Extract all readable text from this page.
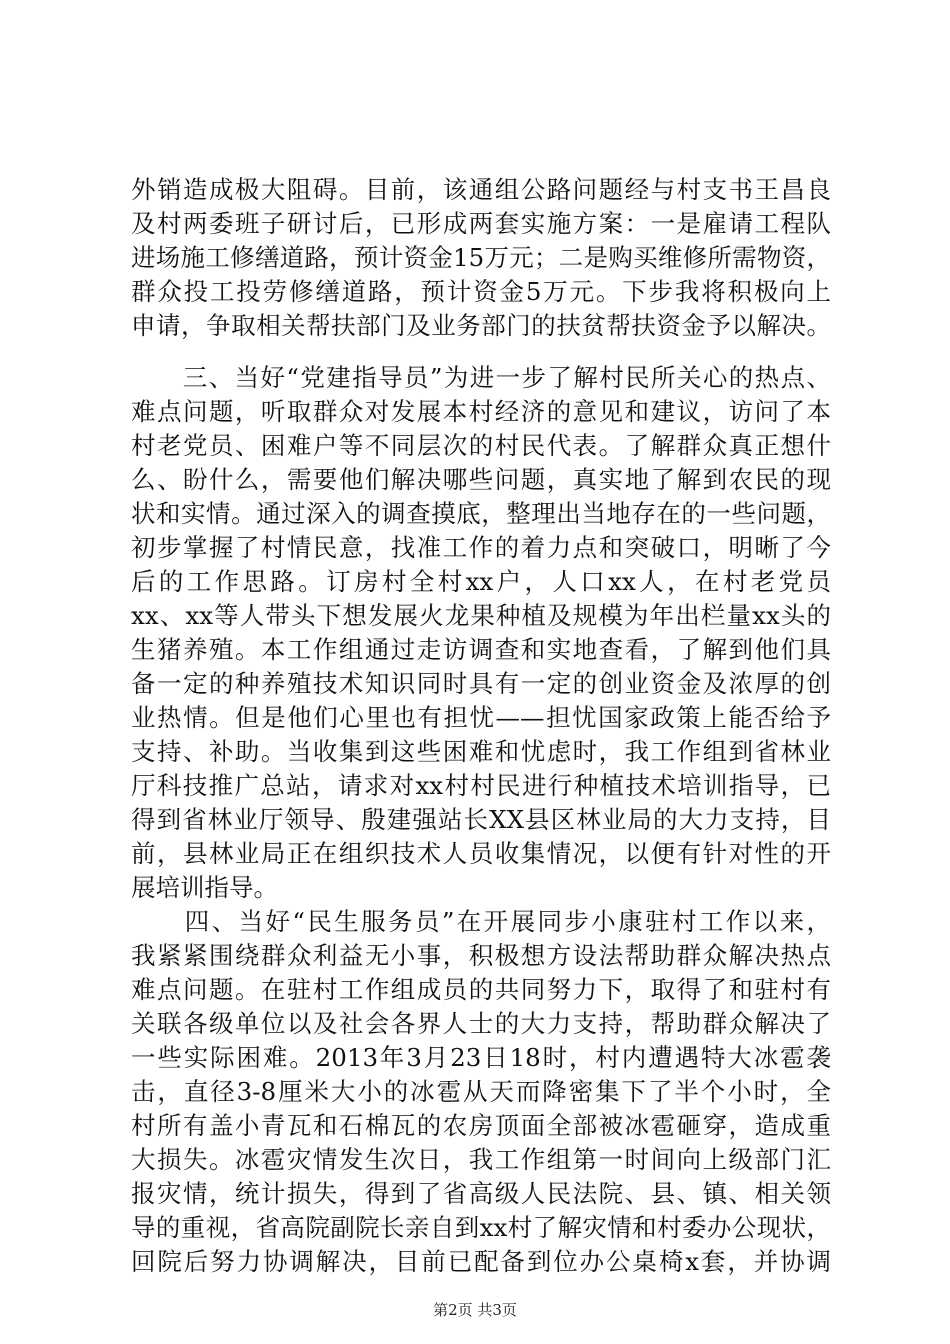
外销造成极大阻碍。目前，该通组公路问题经与村支书王昌良
及村两委班子研讨后，已形成两套实施方案：一是雇请工程队
进场施工修缮道路，预计资金15万元；二是购买维修所需物资，
群众投工投劳修缮道路，预计资金5万元。下步我将积极向上
申请，争取相关帮扶部门及业务部门的扶贫帮扶资金予以解决。
　　三、当好“党建指导员”为进一步了解村民所关心的热点、
难点问题，听取群众对发展本村经济的意见和建议，访问了本
村老党员、困难户等不同层次的村民代表。了解群众真正想什
么、盼什么，需要他们解决哪些问题，真实地了解到农民的现
状和实情。通过深入的调查摸底，整理出当地存在的一些问题，
初步掌握了村情民意，找准工作的着力点和突破口，明晰了今
后的工作思路。订房村全村xx户，人口xx人，在村老党员
xx、xx等人带头下想发展火龙果种植及规模为年出栏量xx头的
生猪养殖。本工作组通过走访调查和实地查看，了解到他们具
备一定的种养殖技术知识同时具有一定的创业资金及浓厚的创
业热情。但是他们心里也有担忧——担忧国家政策上能否给予
支持、补助。当收集到这些困难和忧虑时，我工作组到省林业
厅科技推广总站，请求对xx村村民进行种植技术培训指导，已
得到省林业厅领导、殷建强站长XX县区林业局的大力支持，目
前，县林业局正在组织技术人员收集情况，以便有针对性的开
展培训指导。
　　四、当好“民生服务员”在开展同步小康驻村工作以来，
我紧紧围绕群众利益无小事，积极想方设法帮助群众解决热点
难点问题。在驻村工作组成员的共同努力下，取得了和驻村有
关联各级单位以及社会各界人士的大力支持，帮助群众解决了
一些实际困难。2013年3月23日18时，村内遭遇特大冰雹袭
击，直径3-8厘米大小的冰雹从天而降密集下了半个小时，全
村所有盖小青瓦和石棉瓦的农房顶面全部被冰雹砸穿，造成重
大损失。冰雹灾情发生次日，我工作组第一时间向上级部门汇
报灾情，统计损失，得到了省高级人民法院、县、镇、相关领
导的重视，省高院副院长亲自到xx村了解灾情和村委办公现状，
回院后努力协调解决，目前已配备到位办公桌椅x套，并协调
第2页 共3页
